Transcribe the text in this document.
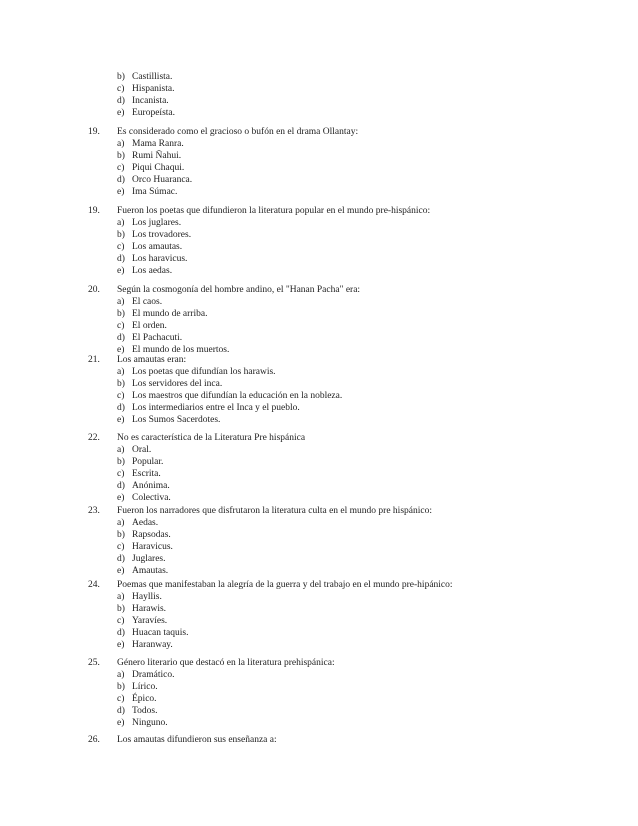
b) Castillista.
c) Hispanista.
d) Incanista.
e) Europeísta.
19. Es considerado como el gracioso o bufón en el drama Ollantay:
a) Mama Ranra.
b) Rumi Ñahui.
c) Piqui Chaqui.
d) Orco Huaranca.
e) Ima Súmac.
19. Fueron los poetas que difundieron la literatura popular en el mundo pre-hispánico:
a) Los juglares.
b) Los trovadores.
c) Los amautas.
d) Los haravicus.
e) Los aedas.
20. Según la cosmogonía del hombre andino, el "Hanan Pacha" era:
a) El caos.
b) El mundo de arriba.
c) El orden.
d) El Pachacuti.
e) El mundo de los muertos.
21. Los amautas eran:
a) Los poetas que difundían los harawis.
b) Los servidores del inca.
c) Los maestros que difundían la educación en la nobleza.
d) Los intermediarios entre el Inca y el pueblo.
e) Los Sumos Sacerdotes.
22. No es característica de la Literatura Pre hispánica
a) Oral.
b) Popular.
c) Escrita.
d) Anónima.
e) Colectiva.
23. Fueron los narradores que disfrutaron la literatura culta en el mundo pre hispánico:
a) Aedas.
b) Rapsodas.
c) Haravicus.
d) Juglares.
e) Amautas.
24. Poemas que manifestaban la alegría de la guerra y del trabajo en el mundo pre-hipánico:
a) Hayllis.
b) Harawis.
c) Yaravíes.
d) Huacan taquis.
e) Haranway.
25. Género literario que destacó en la literatura prehispánica:
a) Dramático.
b) Lírico.
c) Épico.
d) Todos.
e) Ninguno.
26. Los amautas difundieron sus enseñanza a:
